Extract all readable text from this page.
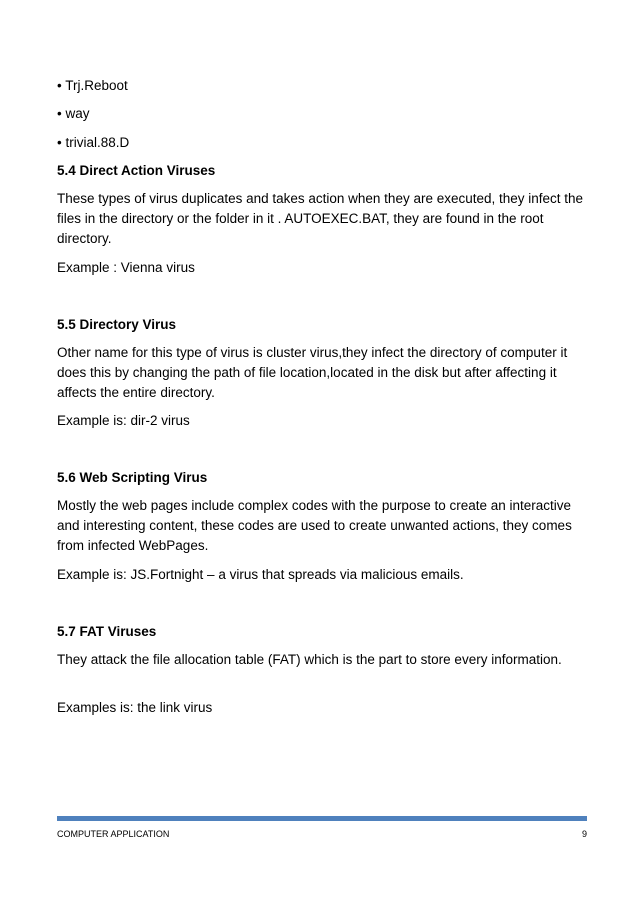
• Trj.Reboot
• way
• trivial.88.D
5.4 Direct Action Viruses
These types of virus duplicates and takes action when they are executed, they infect the files in the directory or the folder in it . AUTOEXEC.BAT, they are found in the root directory.
Example : Vienna virus
5.5 Directory Virus
Other name for this type of virus is cluster virus,they infect the directory of computer it does this by changing the path of file location,located in the disk but after affecting it affects the entire directory.
Example is: dir-2 virus
5.6 Web Scripting Virus
Mostly the web pages include complex codes with the purpose to create an interactive and interesting content, these codes are used to create unwanted actions, they comes from infected WebPages.
Example is: JS.Fortnight – a virus that spreads via malicious emails.
5.7 FAT Viruses
They attack the file allocation table (FAT) which is the part to store every information.
Examples is: the link virus
COMPUTER APPLICATION	9
